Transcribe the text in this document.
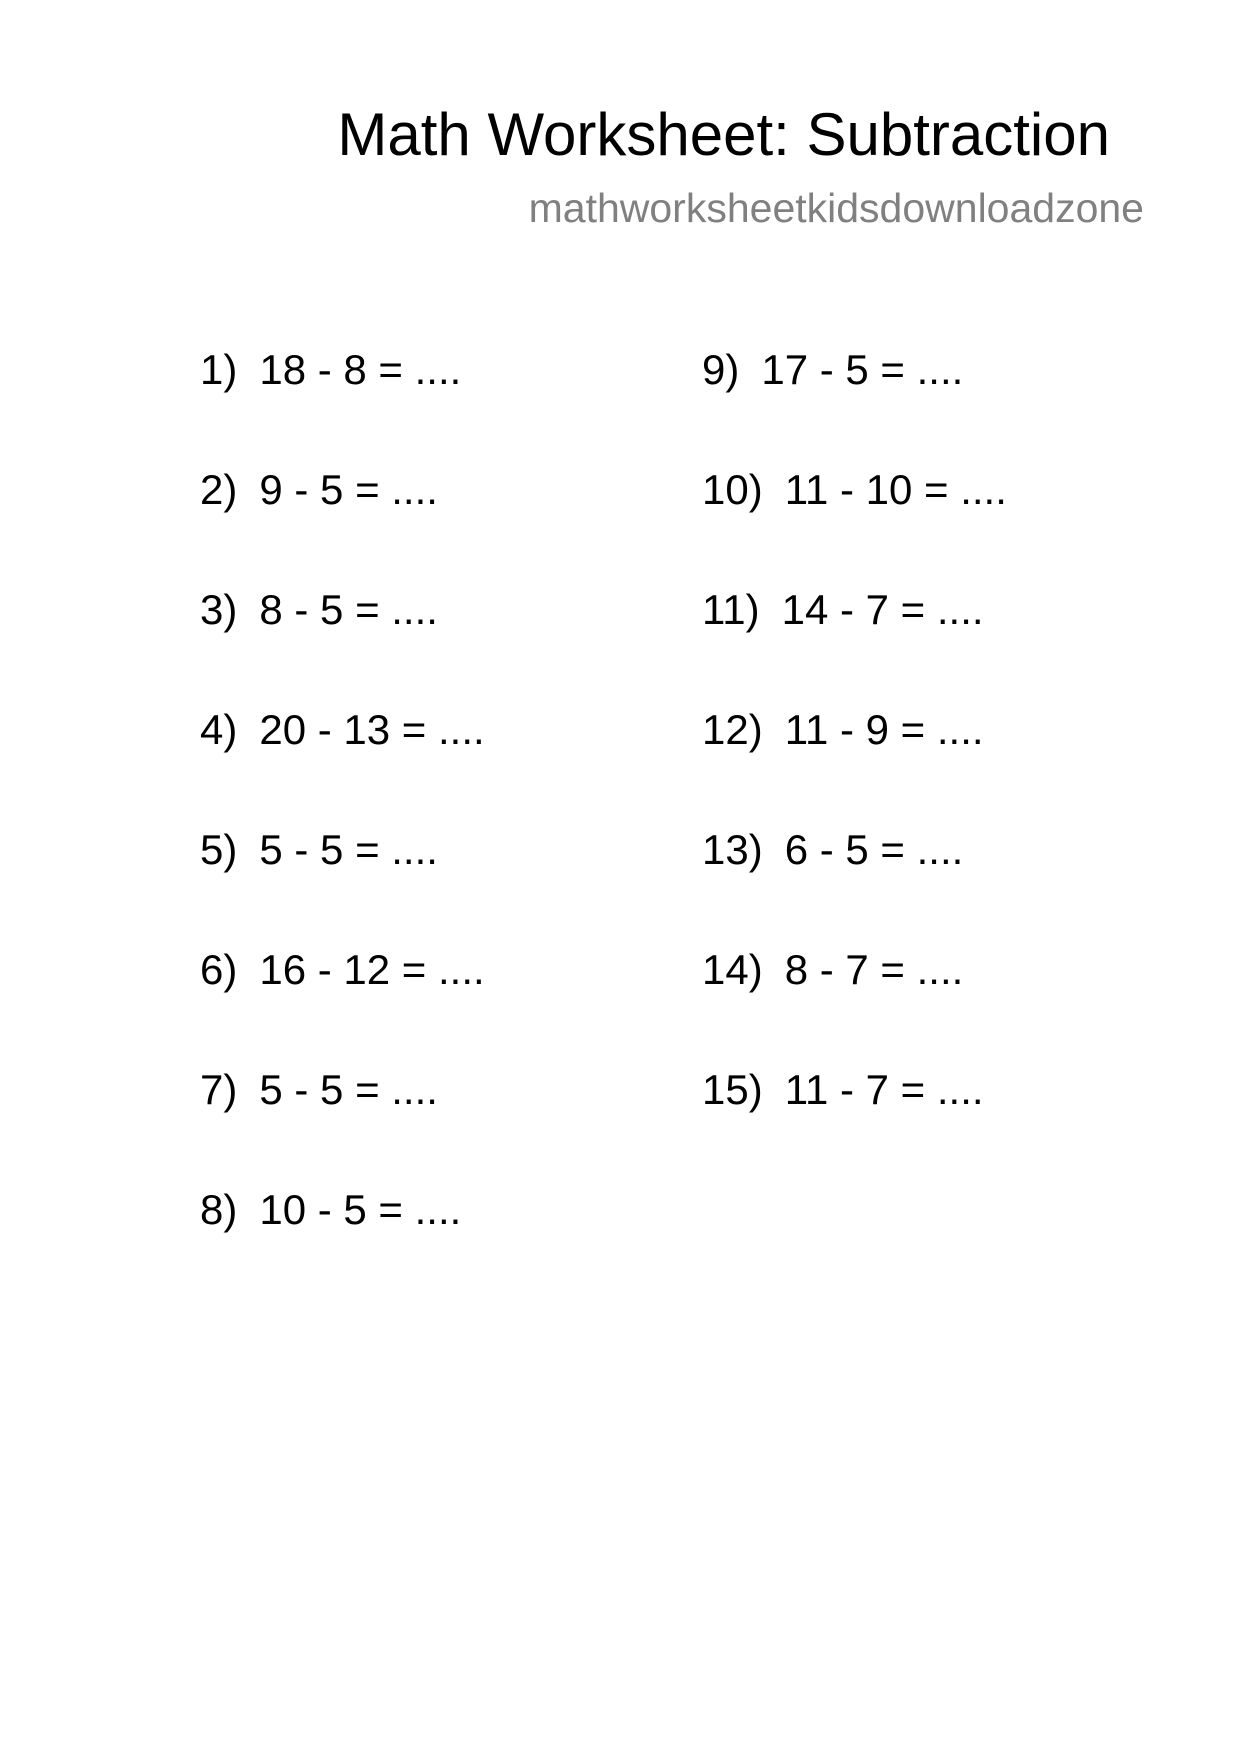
Math Worksheet: Subtraction
mathworksheetkidsdownloadzone
1) 18 - 8 = ....
2) 9 - 5 = ....
3) 8 - 5 = ....
4) 20 - 13 = ....
5) 5 - 5 = ....
6) 16 - 12 = ....
7) 5 - 5 = ....
8) 10 - 5 = ....
9) 17 - 5 = ....
10) 11 - 10 = ....
11) 14 - 7 = ....
12) 11 - 9 = ....
13) 6 - 5 = ....
14) 8 - 7 = ....
15) 11 - 7 = ....
